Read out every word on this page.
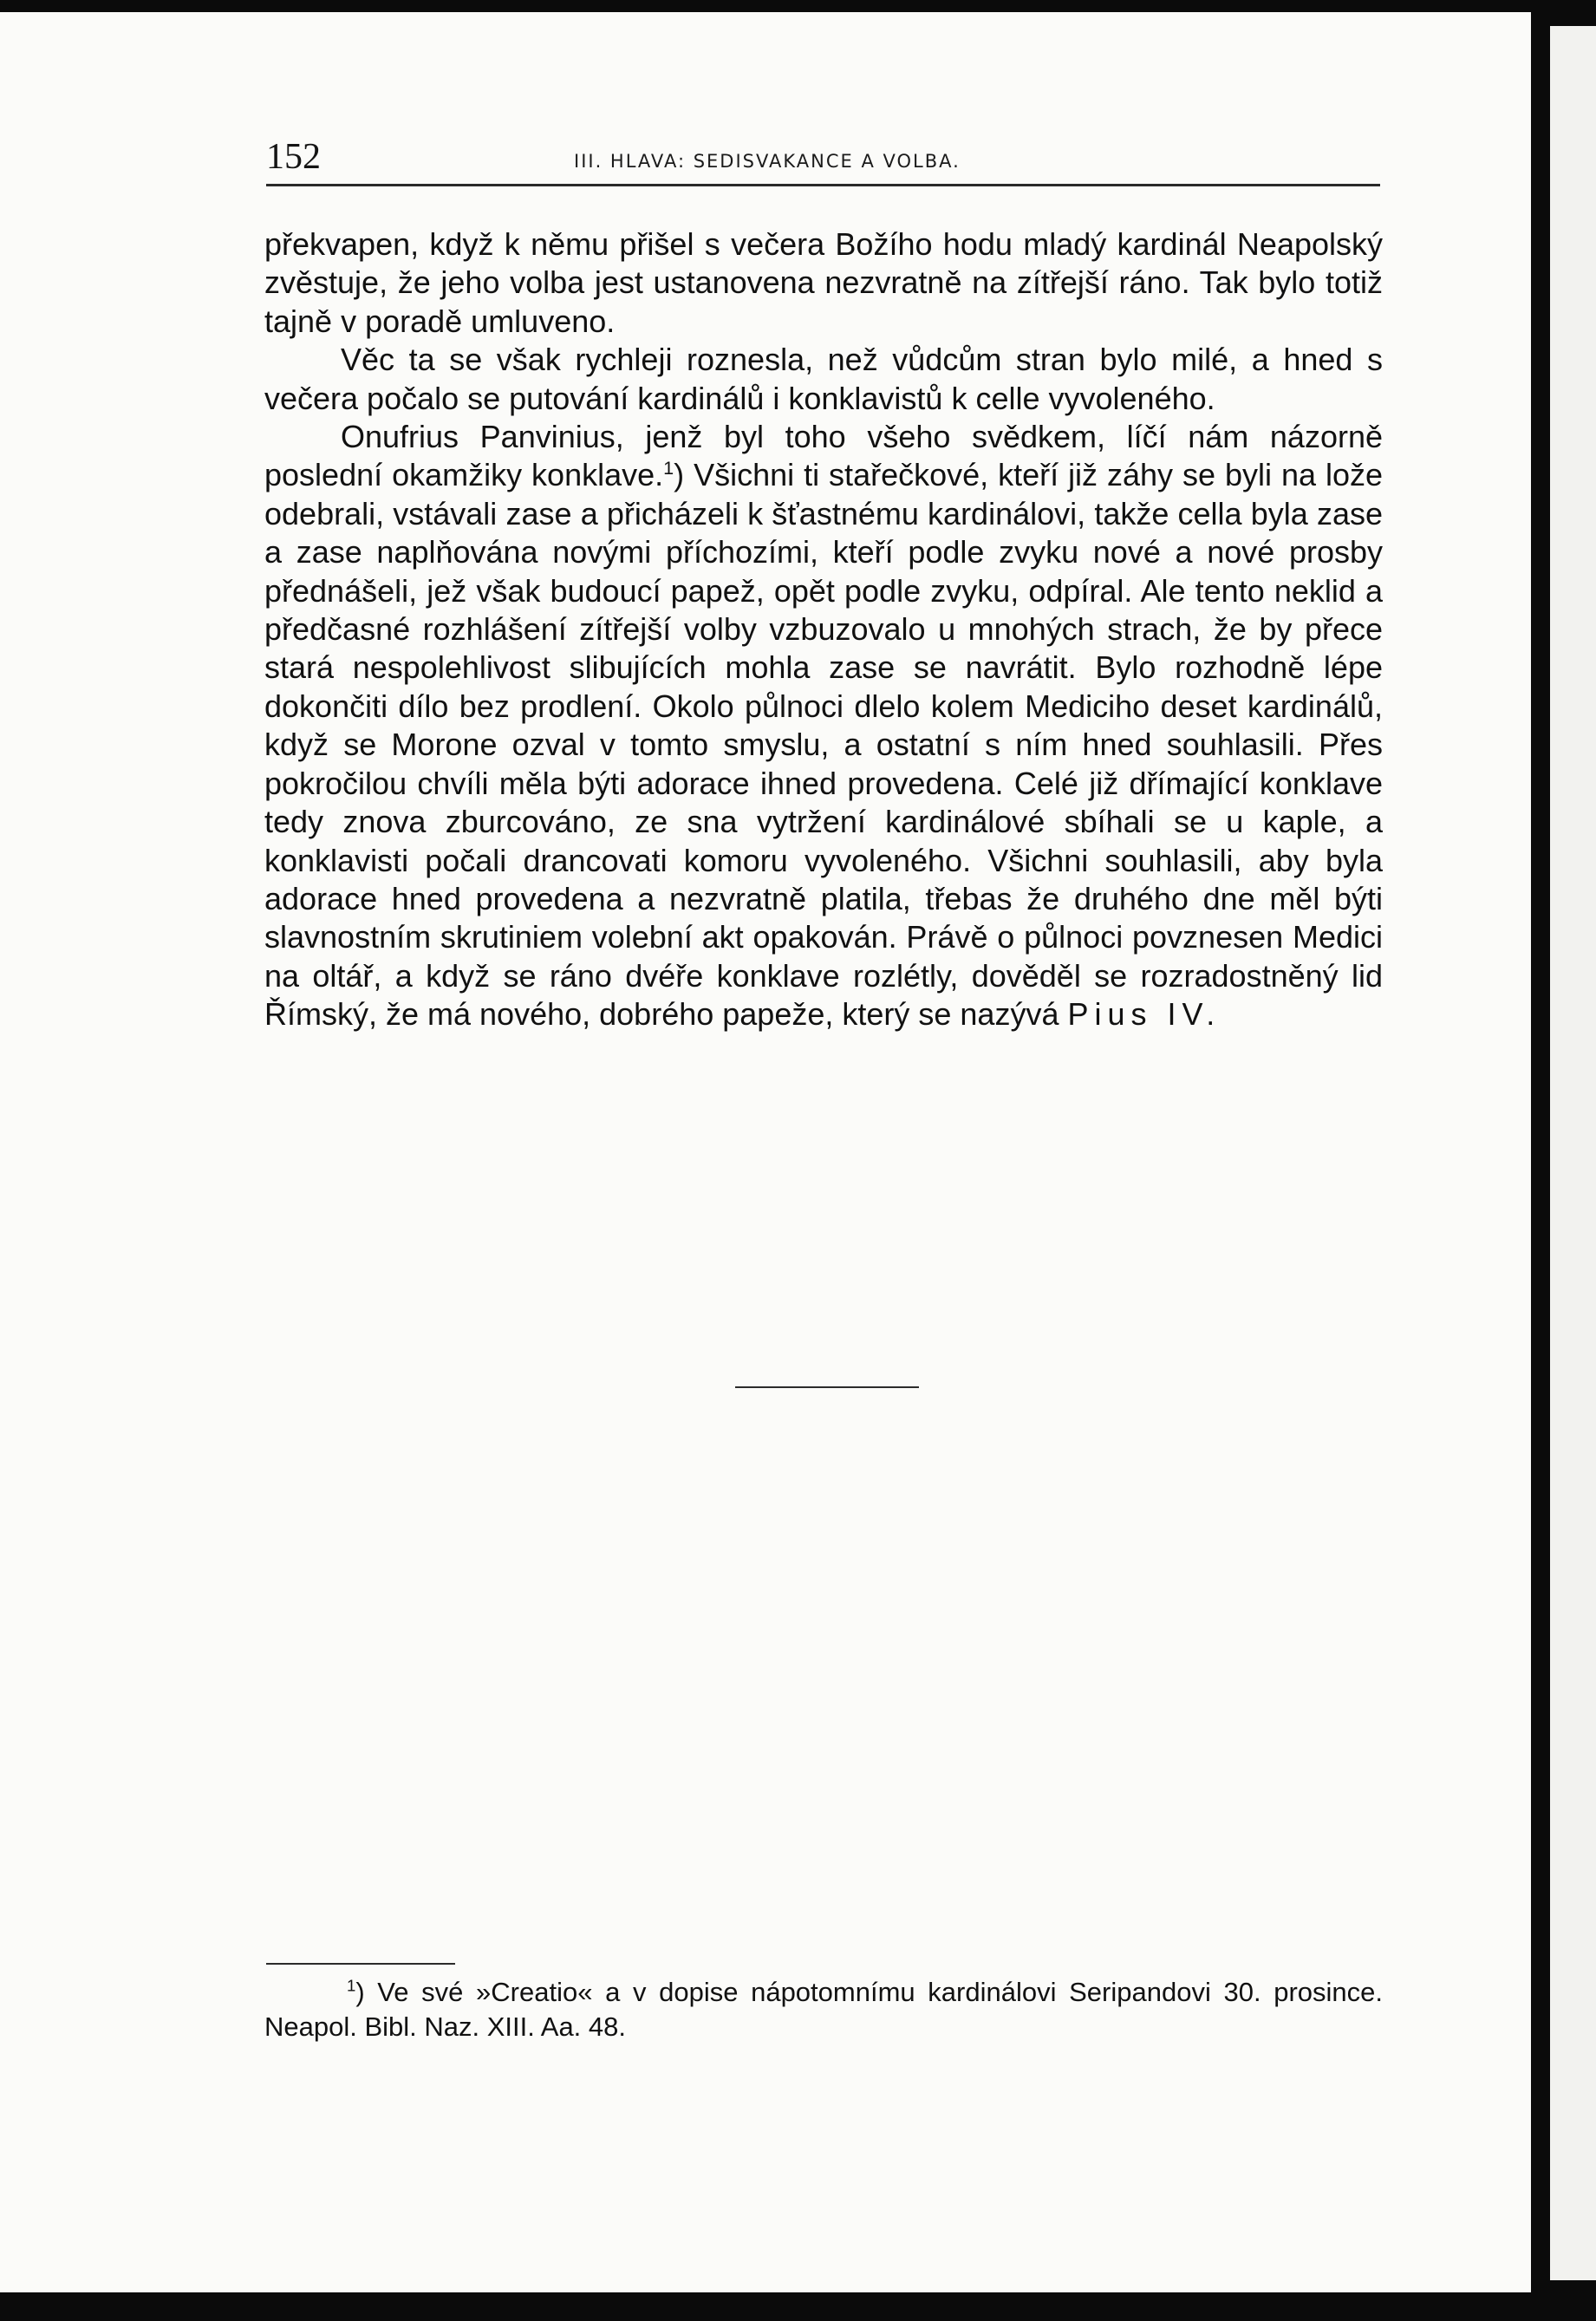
152	III. HLAVA: SEDISVAKANCE A VOLBA.

překvapen, když k němu přišel s večera Božího hodu mladý kardinál Neapolský zvěstuje, že jeho volba jest ustanovena nezvratně na zítřejší ráno. Tak bylo totiž tajně v poradě umluveno.

Věc ta se však rychleji roznesla, než vůdcům stran bylo milé, a hned s večera počalo se putování kardinálů i konklavistů k celle vyvoleného.

Onufrius Panvinius, jenž byl toho všeho svědkem, líčí nám názorně poslední okamžiky konklave.$^1$) Všichni ti stařečkové, kteří již záhy se byli na lože odebrali, vstávali zase a přicházeli k šťastnému kardinálovi, takže cella byla zase a zase naplňována novými příchozími, kteří podle zvyku nové a nové prosby přednášeli, jež však budoucí papež, opět podle zvyku, odpíral. Ale tento neklid a předčasné rozhlášení zítřejší volby vzbuzovalo u mnohých strach, že by přece stará nespolehlivost slibujících mohla zase se navrátit. Bylo rozhodně lépe dokončiti dílo bez prodlení. Okolo půlnoci dlelo kolem Mediciho deset kardinálů, když se Morone ozval v tomto smyslu, a ostatní s ním hned souhlasili. Přes pokročilou chvíli měla býti adorace ihned provedena. Celé již dřímající konklave tedy znova zburcováno, ze sna vytržení kardinálové sbíhali se u kaple, a konklavisti počali drancovati komoru vyvoleného. Všichni souhlasili, aby byla adorace hned provedena a nezvratně platila, třebas že druhého dne měl býti slavnostním skrutiniem volební akt opakován. Právě o půlnoci povznesen Medici na oltář, a když se ráno dvéře konklave rozlétly, dověděl se rozradostněný lid Římský, že má nového, dobrého papeže, který se nazývá Pius IV.

$^1$) Ve své »Creatio« a v dopise nápotomnímu kardinálovi Seripandovi 30. prosince. Neapol. Bibl. Naz. XIII. Aa. 48.
